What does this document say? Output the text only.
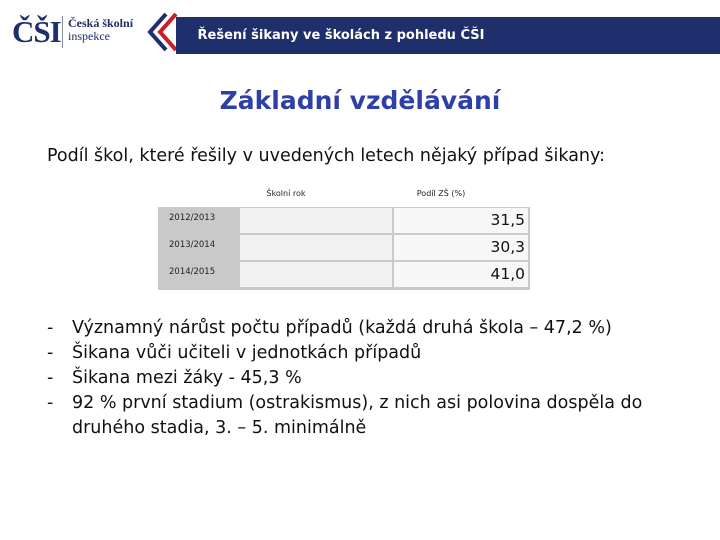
ČŠI Česká školní
inspekce	Řešení šikany ve školách z pohledu ČŠI
Základní vzdělávání
Podíl škol, které řešily v uvedených letech nějaký případ šikany:
Školní rok	Podíl ZŠ (%)
2012/2013	31,5
2013/2014	30,3
2014/2015	41,0
- Významný nárůst počtu případů (každá druhá škola – 47,2 %)
- Šikana vůči učiteli v jednotkách případů
- Šikana mezi žáky - 45,3 %
- 92 % první stadium (ostrakismus), z nich asi polovina dospěla do druhého stadia, 3. – 5. minimálně
